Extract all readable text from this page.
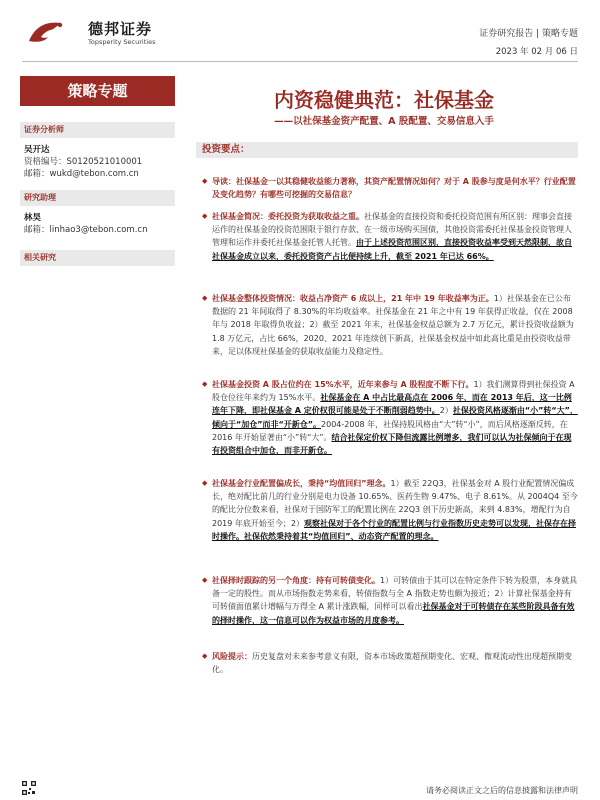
德邦证券
Topsperity Securities
证券研究报告 | 策略专题
2023 年 02 月 06 日
策略专题
证券分析师
吴开达
资格编号：S0120521010001
邮箱：wukd@tebon.com.cn
研究助理
林昊
邮箱：linhao3@tebon.com.cn
相关研究
内资稳健典范：社保基金
——以社保基金资产配置、A 股配置、交易信息入手
投资要点：
◆ 导读：社保基金一以其稳健收益能力著称，其资产配置情况如何？对于 A 股参与度是何水平？行业配置及变化趋势？有哪些可挖掘的交易信息？
◆ 社保基金简况：委托投资为获取收益之重。社保基金的直接投资和委托投资范围有所区别：理事会直接运作的社保基金的投资范围限于银行存款、在一级市场购买国债，其他投资需委托社保基金投资管理人管理和运作并委托社保基金托管人托管。由于上述投资范围区别，直接投资收益率受到天然限制，故自社保基金成立以来，委托投资资产占比便持续上升，截至 2021 年已达 66%。
◆ 社保基金整体投资情况：收益占净资产 6 成以上，21 年中 19 年收益率为正。1）社保基金在已公布数据的 21 年间取得了 8.30%的年均收益率。社保基金在 21 年之中有 19 年获得正收益，仅在 2008 年与 2018 年取得负收益；2）截至 2021 年末，社保基金权益总额为 2.7 万亿元，累计投资收益额为 1.8 万亿元，占比 66%，2020、2021 年连续创下新高，社保基金权益中如此高比重是由投资收益带来，足以体现社保基金的获取收益能力及稳定性。
◆ 社保基金投资 A 股占位约在 15%水平，近年来参与 A 股程度不断下行。1）我们测算得到社保投资 A 股仓位往年来约为 15%水平。社保基金在 A 中占比最高点在 2006 年，而在 2013 年后，这一比例连年下降，即社保基金 A 定价权很可能是处于不断削弱趋势中。2）社保投资风格逐渐由“小”转“大”，倾向于“加仓”而非“开新仓”。2004-2008 年，社保持股风格由“大”转“小”，而后风格逐渐反转，在 2016 年开始显著由“小”转“大”。结合社保定价权下降但流露比例增多，我们可以认为社保倾向于在现有投资组合中加仓，而非开新仓。
◆ 社保基金行业配置偏成长，秉持“均值回归”理念。1）截至 22Q3，社保基金对 A 股行业配置情况偏成长，绝对配比前几的行业分别是电力设备 10.65%、医药生物 9.47%、电子 8.61%。从 2004Q4 至今的配比分位数来看，社保对于国防军工的配置比例在 22Q3 创下历史新高，来到 4.83%，增配行为自 2019 年底开始至今；2）观察社保对于各个行业的配置比例与行业指数历史走势可以发现，社保存在择时操作。社保依然秉持着其“均值回归”、动态资产配置的理念。
◆ 社保择时跟踪的另一个角度：持有可转债变化。1）可转债由于其可以在特定条件下转为股票，本身就具备一定的股性。而从市场指数走势来看，转债指数与全 A 指数走势也颇为接近；2）计算社保基金持有可转债面值累计增幅与万得全 A 累计涨跌幅，同样可以看出社保基金对于可转债存在某些阶段具备有效的择时操作，这一信息可以作为权益市场的月度参考。
◆ 风险提示：历史复盘对未来参考意义有限，资本市场政策超预期变化、宏观、微观流动性出现超预期变化。
请务必阅读正文之后的信息披露和法律声明
